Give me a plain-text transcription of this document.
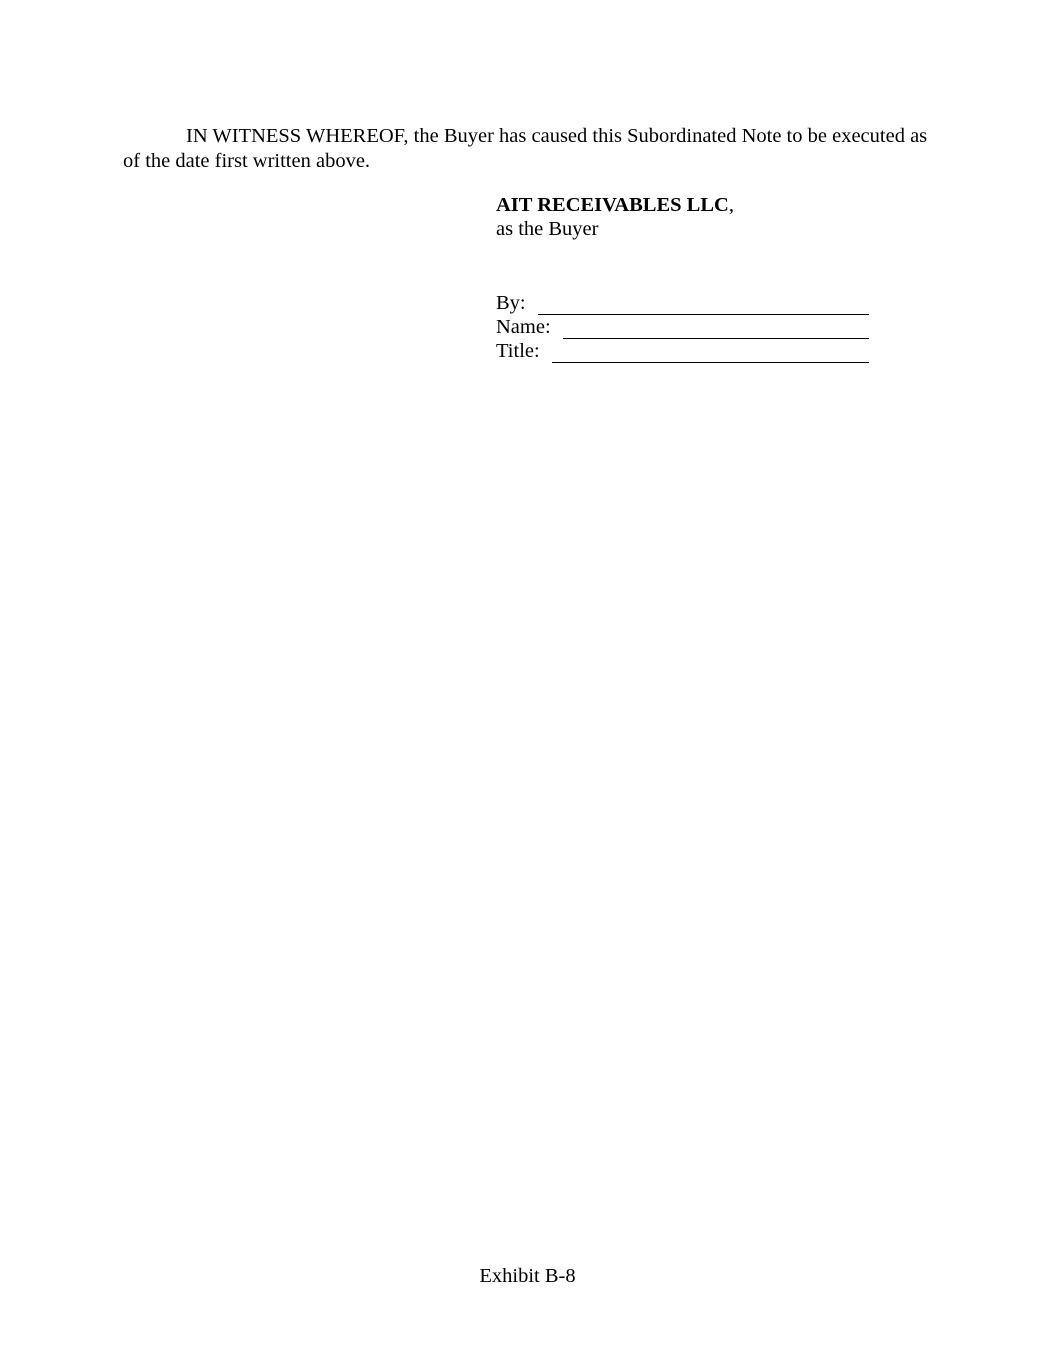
IN WITNESS WHEREOF, the Buyer has caused this Subordinated Note to be executed as of the date first written above.

AIT RECEIVABLES LLC,

as the Buyer

By:
Name:
Title:
Exhibit B-8
